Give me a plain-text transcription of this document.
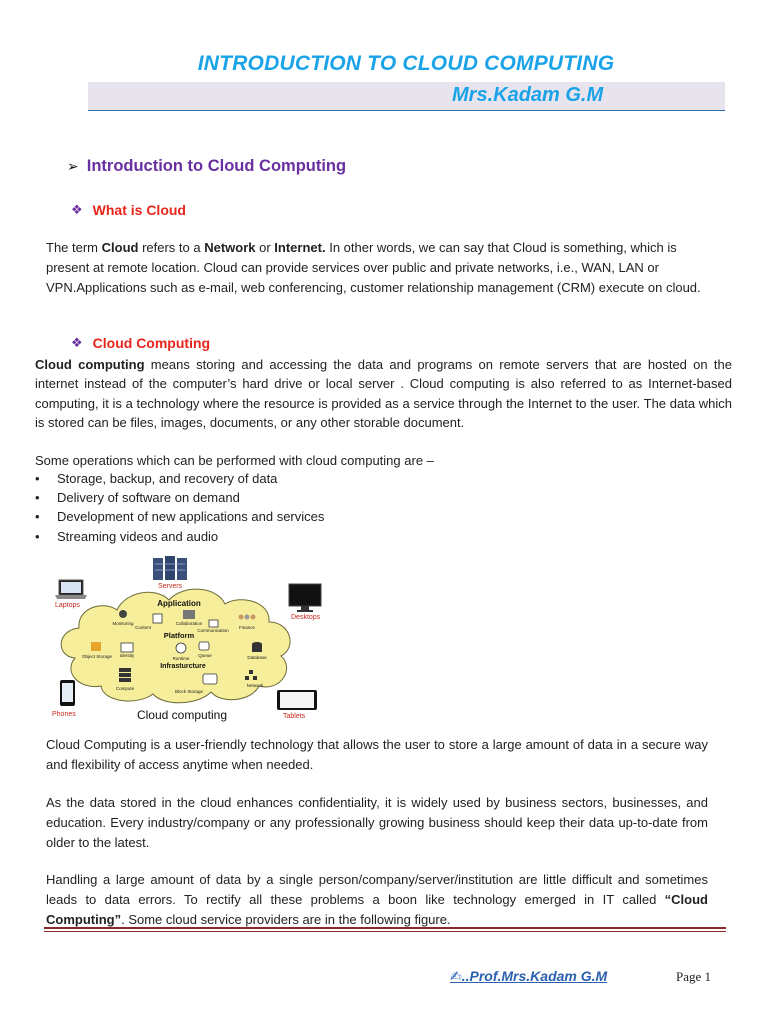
INTRODUCTION TO CLOUD COMPUTING
Mrs.Kadam G.M
➢ Introduction to Cloud Computing
❖ What is Cloud

The term Cloud refers to a Network or Internet. In other words, we can say that Cloud is something, which is present at remote location. Cloud can provide services over public and private networks, i.e., WAN, LAN or VPN.Applications such as e-mail, web conferencing, customer relationship management (CRM) execute on cloud.

❖ Cloud Computing

Cloud computing means storing and accessing the data and programs on remote servers that are hosted on the internet instead of the computer’s hard drive or local server . Cloud computing is also referred to as Internet-based computing, it is a technology where the resource is provided as a service through the Internet to the user. The data which is stored can be files, images, documents, or any other storable document.

Some operations which can be performed with cloud computing are –

• Storage, backup, and recovery of data
• Delivery of software on demand
• Development of new applications and services
• Streaming videos and audio
Servers
Laptops
Desktops
Phones	Tablets
Application
Monitoring
Content
Collaboration
Communication
Finance
Platform
Object Storage Identity
Runtime
Queue	Database
Infrasturcture
Compute
Block Storage
Network
Cloud computing

Cloud Computing is a user-friendly technology that allows the user to store a large amount of data in a secure way and flexibility of access anytime when needed.

As the data stored in the cloud enhances confidentiality, it is widely used by business sectors, businesses, and education. Every industry/company or any professionally growing business should keep their data up-to-date from older to the latest.

Handling a large amount of data by a single person/company/server/institution are little difficult and sometimes leads to data errors. To rectify all these problems a boon like technology emerged in IT called “Cloud Computing”. Some cloud service providers are in the following figure.

✍..Prof.Mrs.Kadam G.M	Page 1
